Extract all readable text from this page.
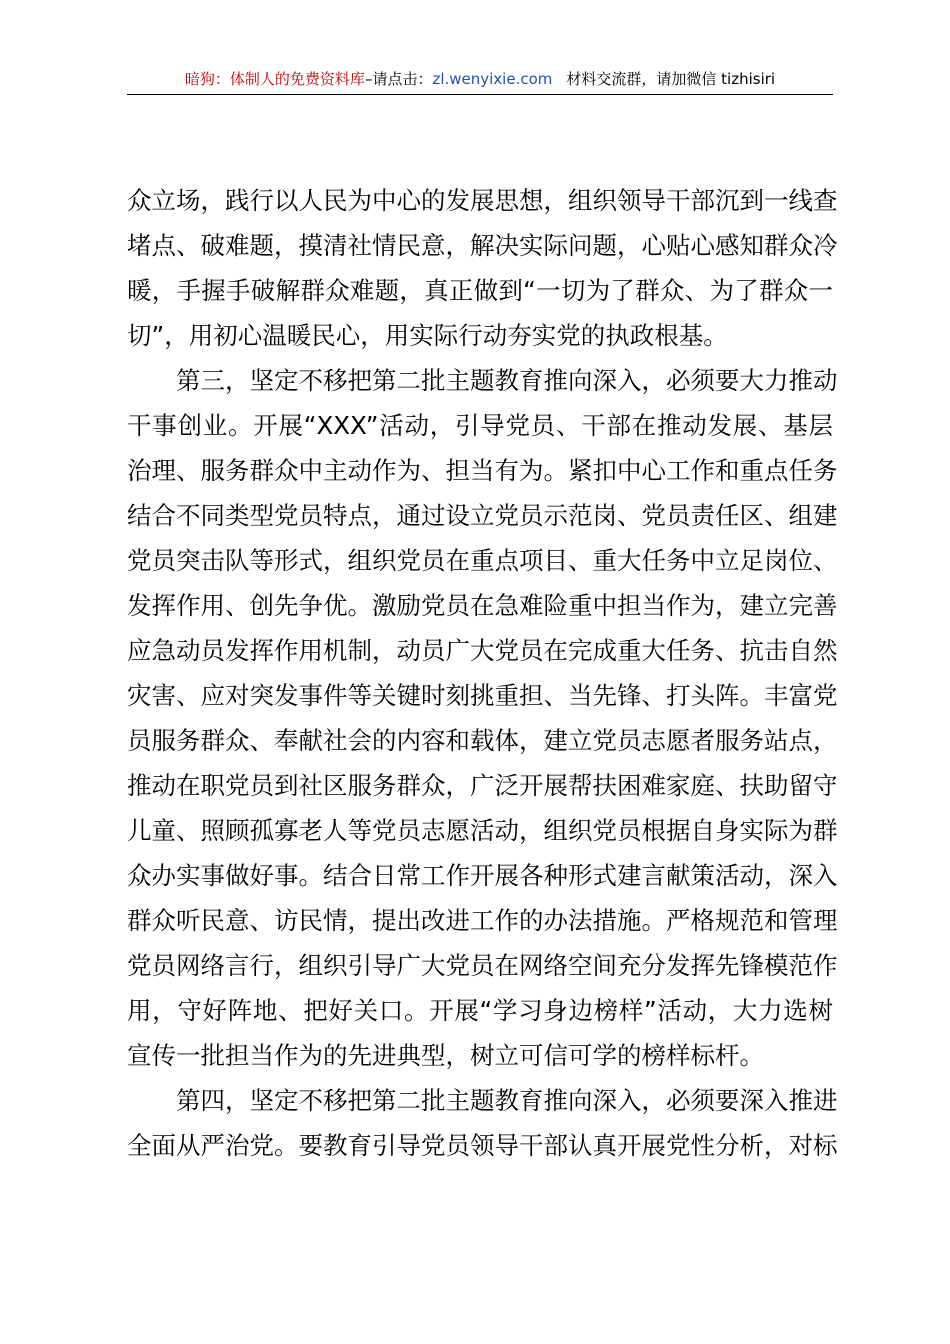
暗狗：体制人的免费资料库–请点击：zl.wenyixie.com 材料交流群，请加微信 tizhisiri
众立场，践行以人民为中心的发展思想，组织领导干部沉到一线查
堵点、破难题，摸清社情民意，解决实际问题，心贴心感知群众冷
暖，手握手破解群众难题，真正做到“一切为了群众、为了群众一
切”，用初心温暖民心，用实际行动夯实党的执政根基。
第三，坚定不移把第二批主题教育推向深入，必须要大力推动
干事创业。开展“XXX”活动，引导党员、干部在推动发展、基层
治理、服务群众中主动作为、担当有为。紧扣中心工作和重点任务
结合不同类型党员特点，通过设立党员示范岗、党员责任区、组建
党员突击队等形式，组织党员在重点项目、重大任务中立足岗位、
发挥作用、创先争优。激励党员在急难险重中担当作为，建立完善
应急动员发挥作用机制，动员广大党员在完成重大任务、抗击自然
灾害、应对突发事件等关键时刻挑重担、当先锋、打头阵。丰富党
员服务群众、奉献社会的内容和载体，建立党员志愿者服务站点，
推动在职党员到社区服务群众，广泛开展帮扶困难家庭、扶助留守
儿童、照顾孤寡老人等党员志愿活动，组织党员根据自身实际为群
众办实事做好事。结合日常工作开展各种形式建言献策活动，深入
群众听民意、访民情，提出改进工作的办法措施。严格规范和管理
党员网络言行，组织引导广大党员在网络空间充分发挥先锋模范作
用，守好阵地、把好关口。开展“学习身边榜样”活动，大力选树
宣传一批担当作为的先进典型，树立可信可学的榜样标杆。
第四，坚定不移把第二批主题教育推向深入，必须要深入推进
全面从严治党。要教育引导党员领导干部认真开展党性分析，对标
